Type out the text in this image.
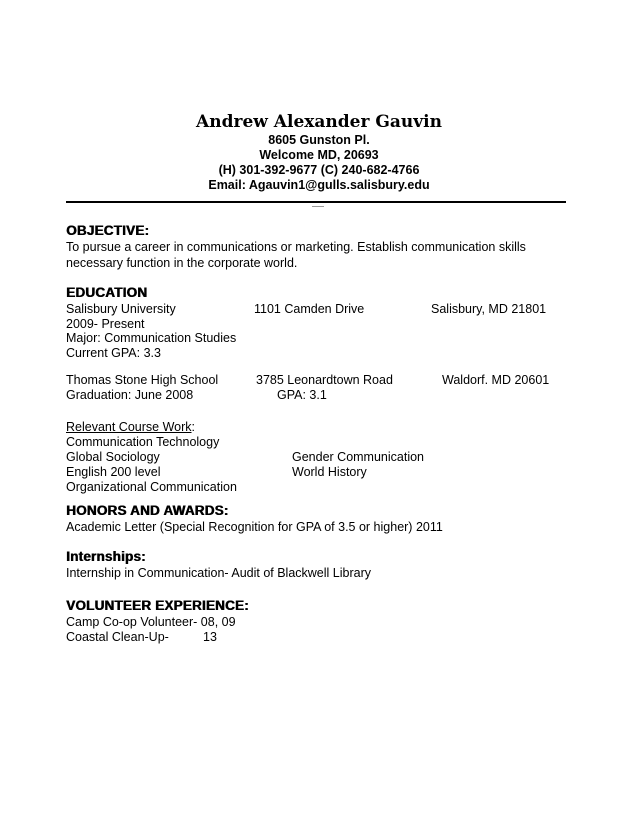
Andrew Alexander Gauvin
8605 Gunston Pl.
Welcome MD, 20693
(H) 301-392-9677 (C) 240-682-4766
Email: Agauvin1@gulls.salisbury.edu
OBJECTIVE:
To pursue a career in communications or marketing. Establish communication skills
necessary function in the corporate world.
EDUCATION
Salisbury University	1101 Camden Drive	Salisbury, MD 21801
2009- Present
Major: Communication Studies
Current GPA: 3.3
Thomas Stone High School	3785 Leonardtown Road	Waldorf. MD 20601
Graduation: June 2008	GPA: 3.1
Relevant Course Work:
Communication Technology
Global Sociology	Gender Communication
English 200 level	World History
Organizational Communication
HONORS AND AWARDS:
Academic Letter (Special Recognition for GPA of 3.5 or higher) 2011
Internships:
Internship in Communication- Audit of Blackwell Library
VOLUNTEER EXPERIENCE:
Camp Co-op Volunteer- 08, 09
Coastal Clean-Up-	13
